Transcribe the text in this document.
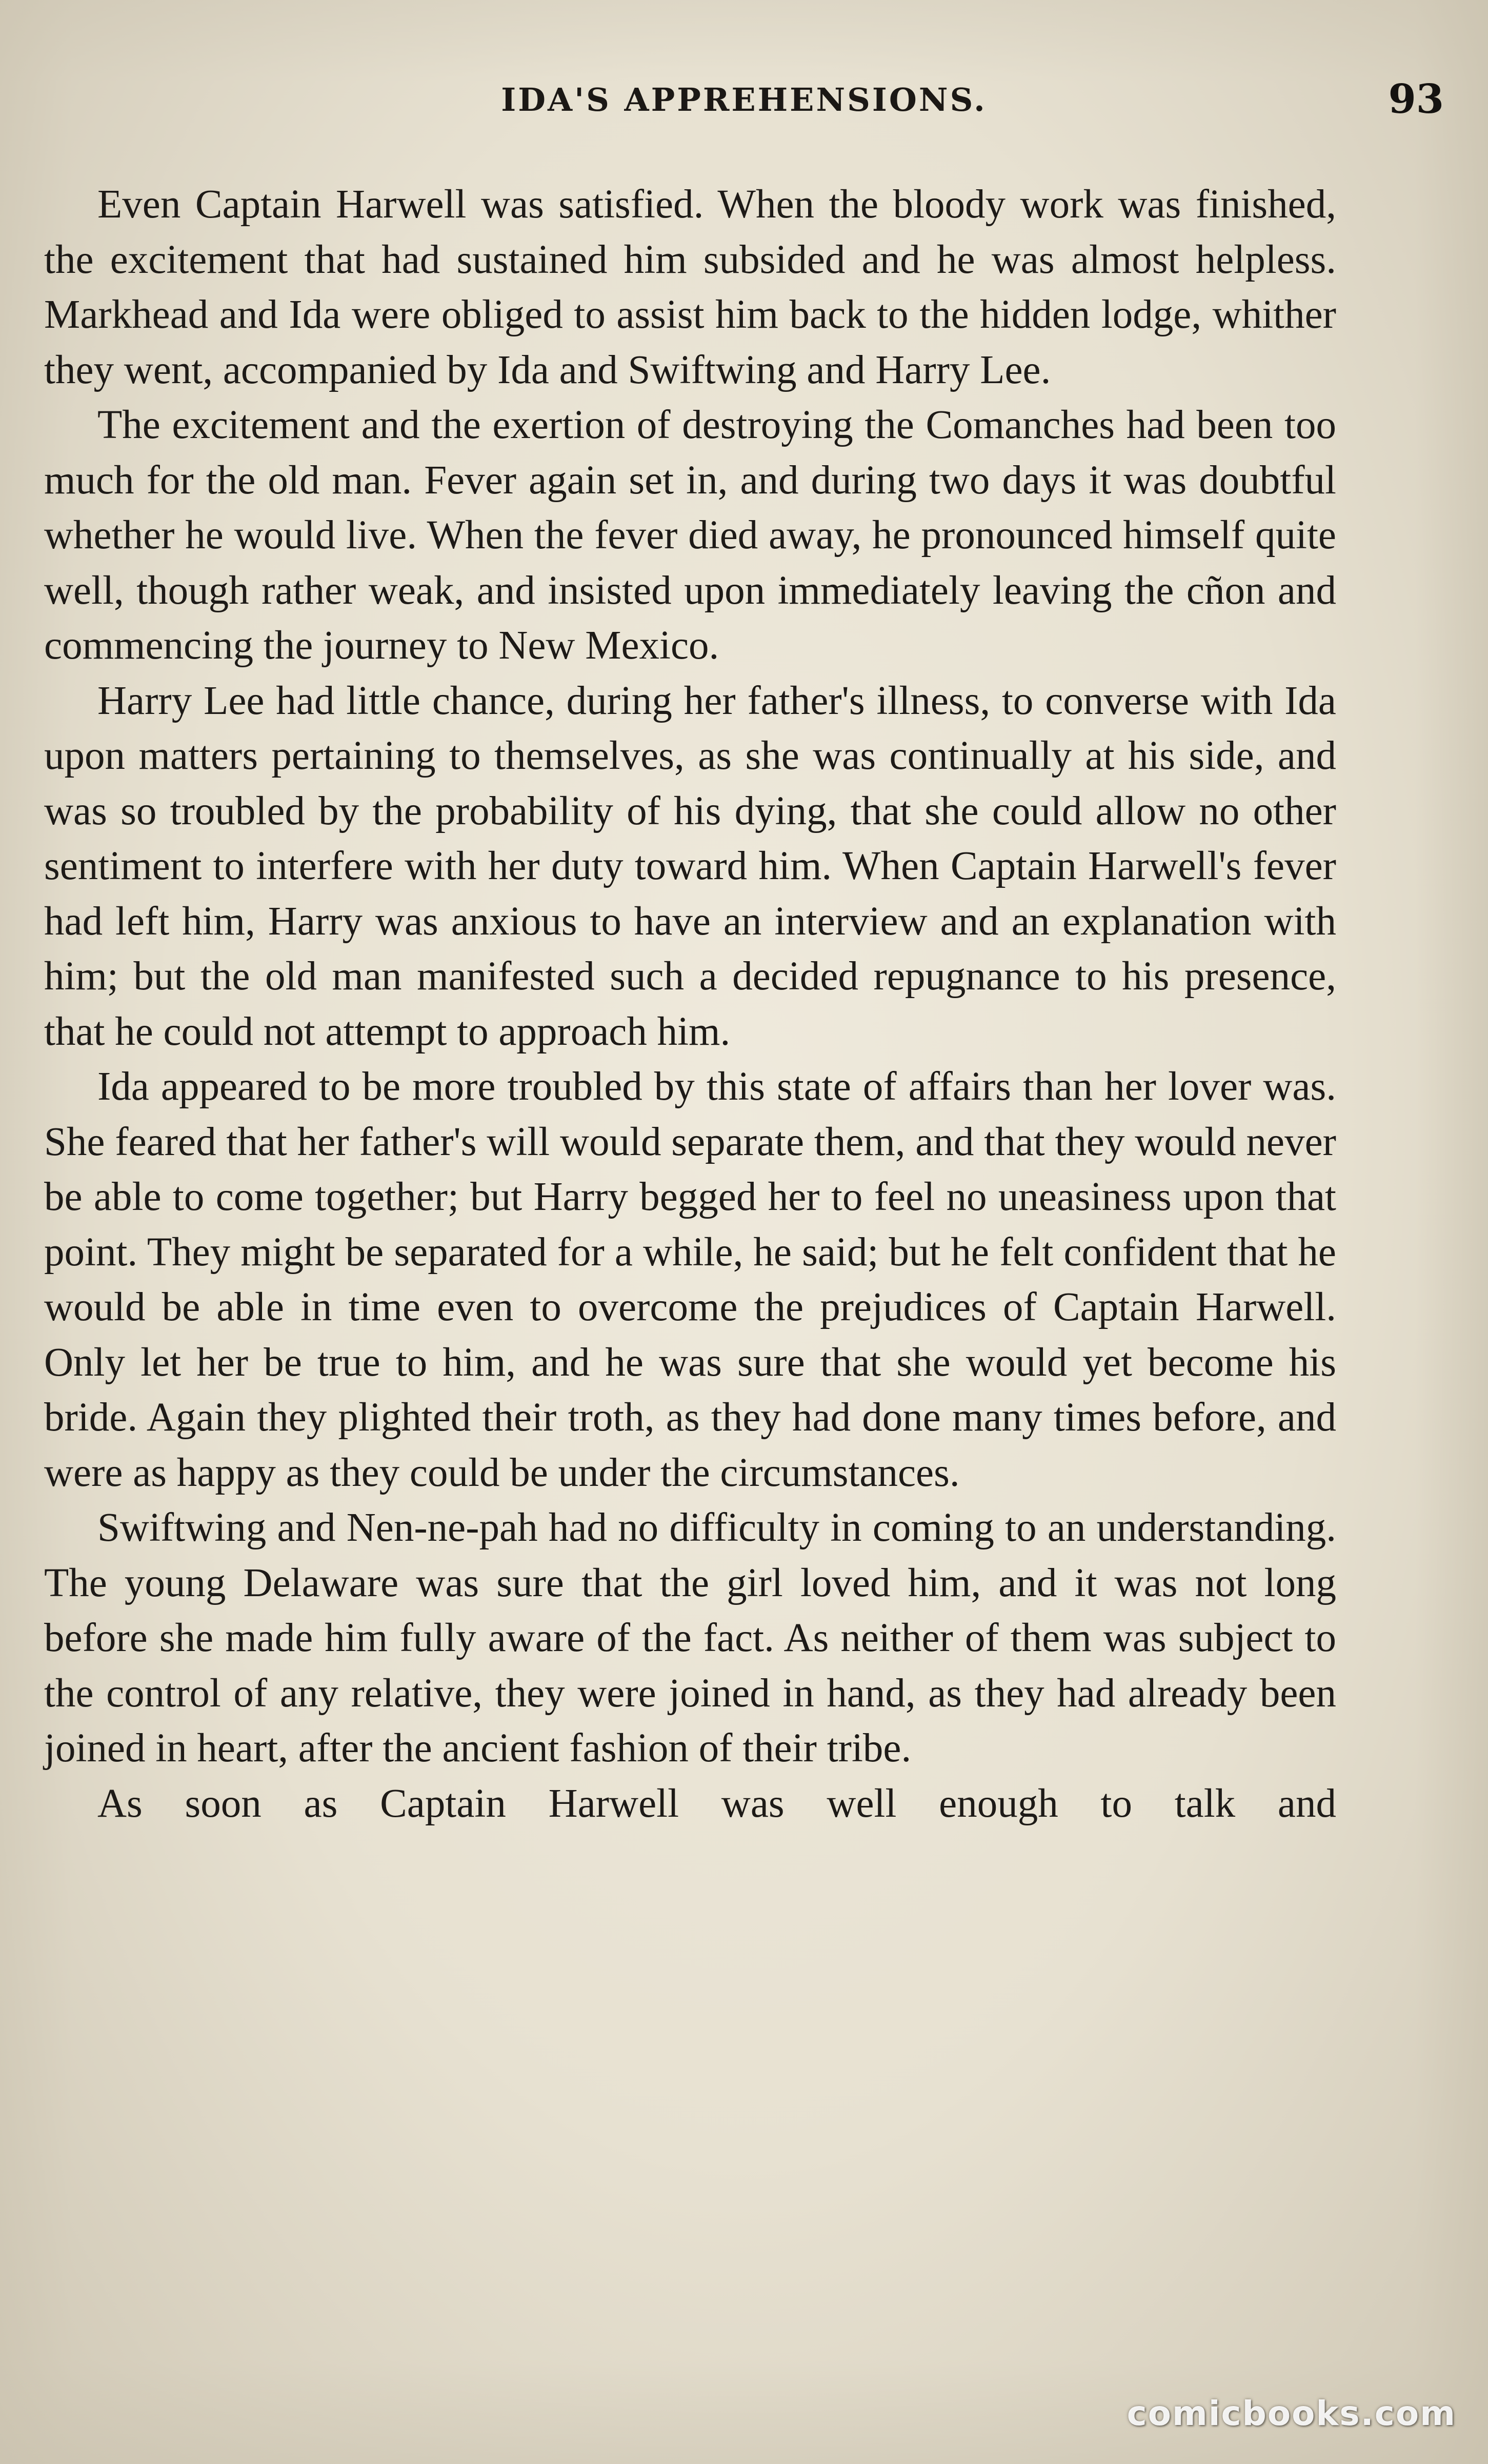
IDA'S APPREHENSIONS.	93

Even Captain Harwell was satisfied. When the bloody work was finished, the excitement that had sustained him subsided and he was almost helpless. Markhead and Ida were obliged to assist him back to the hidden lodge, whither they went, accompanied by Ida and Swiftwing and Harry Lee.

The excitement and the exertion of destroying the Comanches had been too much for the old man. Fever again set in, and during two days it was doubtful whether he would live. When the fever died away, he pronounced himself quite well, though rather weak, and insisted upon immediately leaving the cñon and commencing the journey to New Mexico.

Harry Lee had little chance, during her father's illness, to converse with Ida upon matters pertaining to themselves, as she was continually at his side, and was so troubled by the probability of his dying, that she could allow no other sentiment to interfere with her duty toward him. When Captain Harwell's fever had left him, Harry was anxious to have an interview and an explanation with him; but the old man manifested such a decided repugnance to his presence, that he could not attempt to approach him.

Ida appeared to be more troubled by this state of affairs than her lover was. She feared that her father's will would separate them, and that they would never be able to come together; but Harry begged her to feel no uneasiness upon that point. They might be separated for a while, he said; but he felt confident that he would be able in time even to overcome the prejudices of Captain Harwell. Only let her be true to him, and he was sure that she would yet become his bride. Again they plighted their troth, as they had done many times before, and were as happy as they could be under the circumstances.

Swiftwing and Nen-ne-pah had no difficulty in coming to an understanding. The young Delaware was sure that the girl loved him, and it was not long before she made him fully aware of the fact. As neither of them was subject to the control of any relative, they were joined in hand, as they had already been joined in heart, after the ancient fashion of their tribe.

As soon as Captain Harwell was well enough to talk and

comicbooks.com
